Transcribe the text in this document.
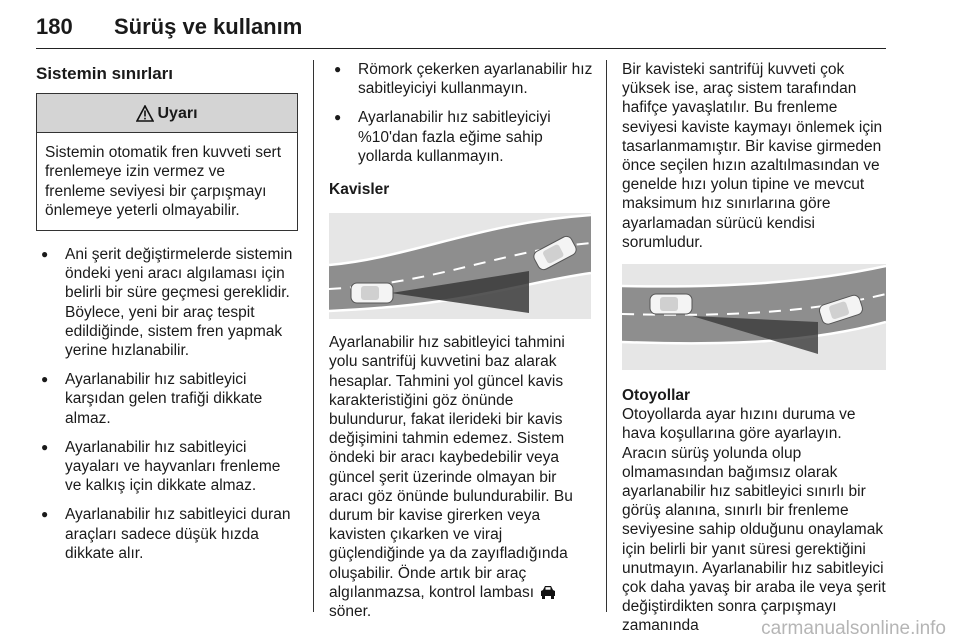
180 Sürüş ve kullanım
Sistemin sınırları
Uyarı
Sistemin otomatik fren kuvveti sert frenlemeye izin vermez ve frenleme seviyesi bir çarpışmayı önlemeye yeterli olmayabilir.
● Ani şerit değiştirmelerde sistemin öndeki yeni aracı algılaması için belirli bir süre geçmesi gereklidir. Böylece, yeni bir araç tespit edildiğinde, sistem fren yapmak yerine hızlanabilir.
● Ayarlanabilir hız sabitleyici karşıdan gelen trafiği dikkate almaz.
● Ayarlanabilir hız sabitleyici yayaları ve hayvanları frenleme ve kalkış için dikkate almaz.
● Ayarlanabilir hız sabitleyici duran araçları sadece düşük hızda dikkate alır.
● Römork çekerken ayarlanabilir hız sabitleyiciyi kullanmayın.
● Ayarlanabilir hız sabitleyiciyi %10'dan fazla eğime sahip yollarda kullanmayın.
Kavisler

Ayarlanabilir hız sabitleyici tahmini yolu santrifüj kuvvetini baz alarak hesaplar. Tahmini yol güncel kavis karakteristiğini göz önünde bulundurur, fakat ilerideki bir kavis değişimini tahmin edemez. Sistem öndeki bir aracı kaybedebilir veya güncel şerit üzerinde olmayan bir aracı göz önünde bulundurabilir. Bu durum bir kavise girerken veya kavisten çıkarken ve viraj güçlendiğinde ya da zayıfladığında oluşabilir. Önde artık bir araç algılanmazsa, kontrol lambası  söner.

Bir kavisteki santrifüj kuvveti çok yüksek ise, araç sistem tarafından hafifçe yavaşlatılır. Bu frenleme seviyesi kaviste kaymayı önlemek için tasarlanmamıştır. Bir kavise girmeden önce seçilen hızın azaltılmasından ve genelde hızı yolun tipine ve mevcut maksimum hız sınırlarına göre ayarlamadan sürücü kendisi sorumludur.

Otoyollar

Otoyollarda ayar hızını duruma ve hava koşullarına göre ayarlayın. Aracın sürüş yolunda olup olmamasından bağımsız olarak ayarlanabilir hız sabitleyici sınırlı bir görüş alanına, sınırlı bir frenleme seviyesine sahip olduğunu onaylamak için belirli bir yanıt süresi gerektiğini unutmayın. Ayarlanabilir hız sabitleyici çok daha yavaş bir araba ile veya şerit değiştirdikten sonra çarpışmayı zamanında	carmanualsonline.info
